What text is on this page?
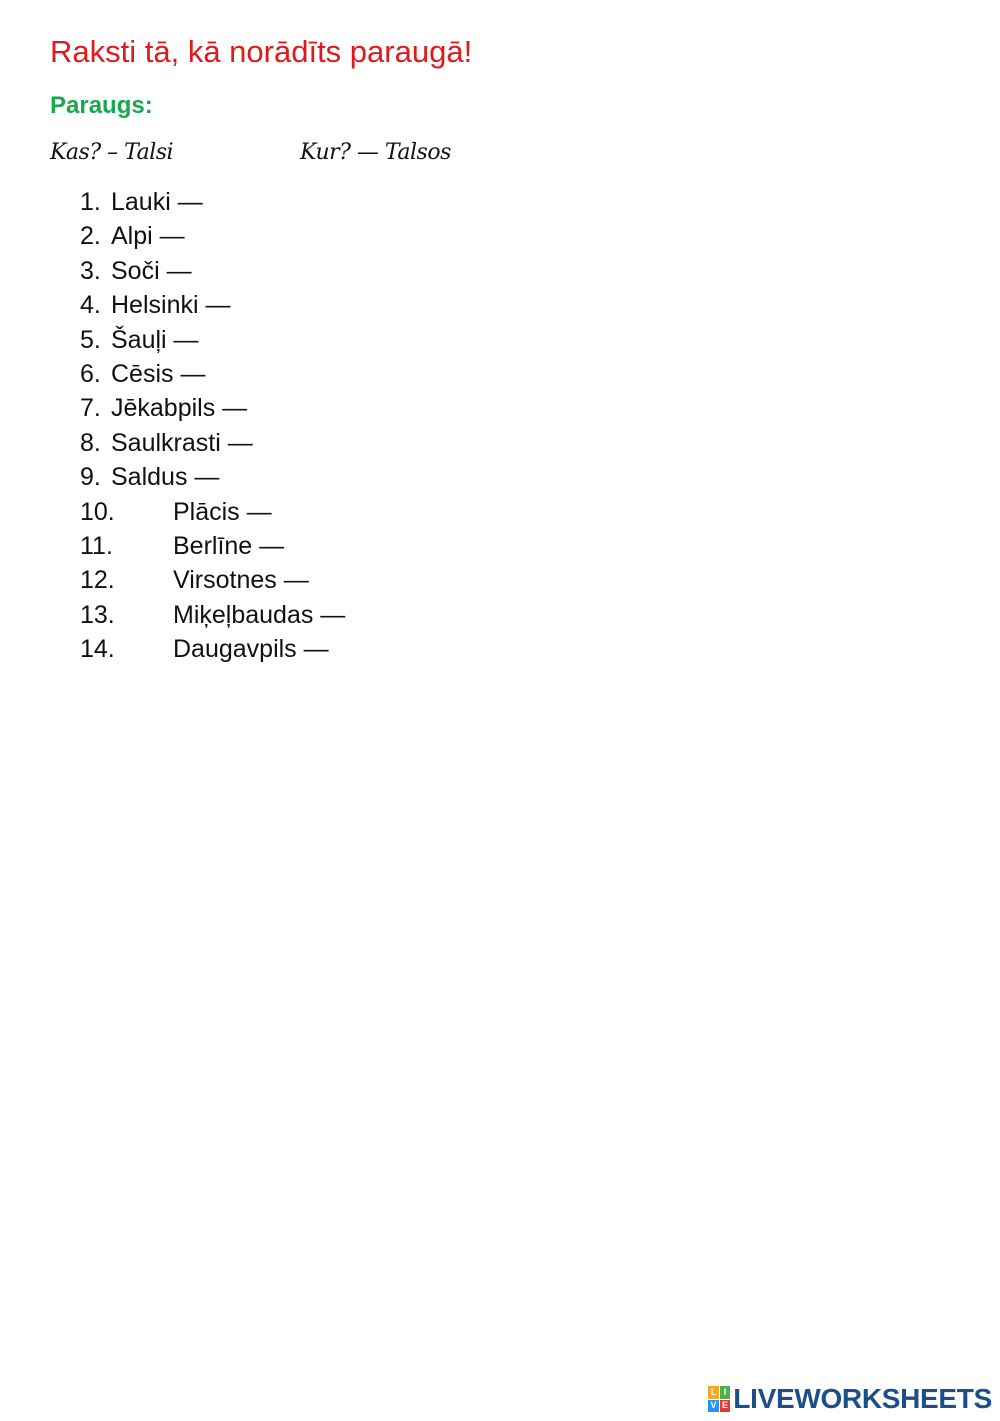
Raksti tā, kā norādīts paraugā!
Paraugs:
Kas? – Talsi	Kur? — Talsos
1. Lauki —
2. Alpi —
3. Soči —
4. Helsinki —
5. Šauļi —
6. Cēsis —
7. Jēkabpils —
8. Saulkrasti —
9. Saldus —
10.	Plācis —
11.	Berlīne —
12.	Virsotnes —
13.	Miķeļbaudas —
14.	Daugavpils —
L I
V E LIVEWORKSHEETS
